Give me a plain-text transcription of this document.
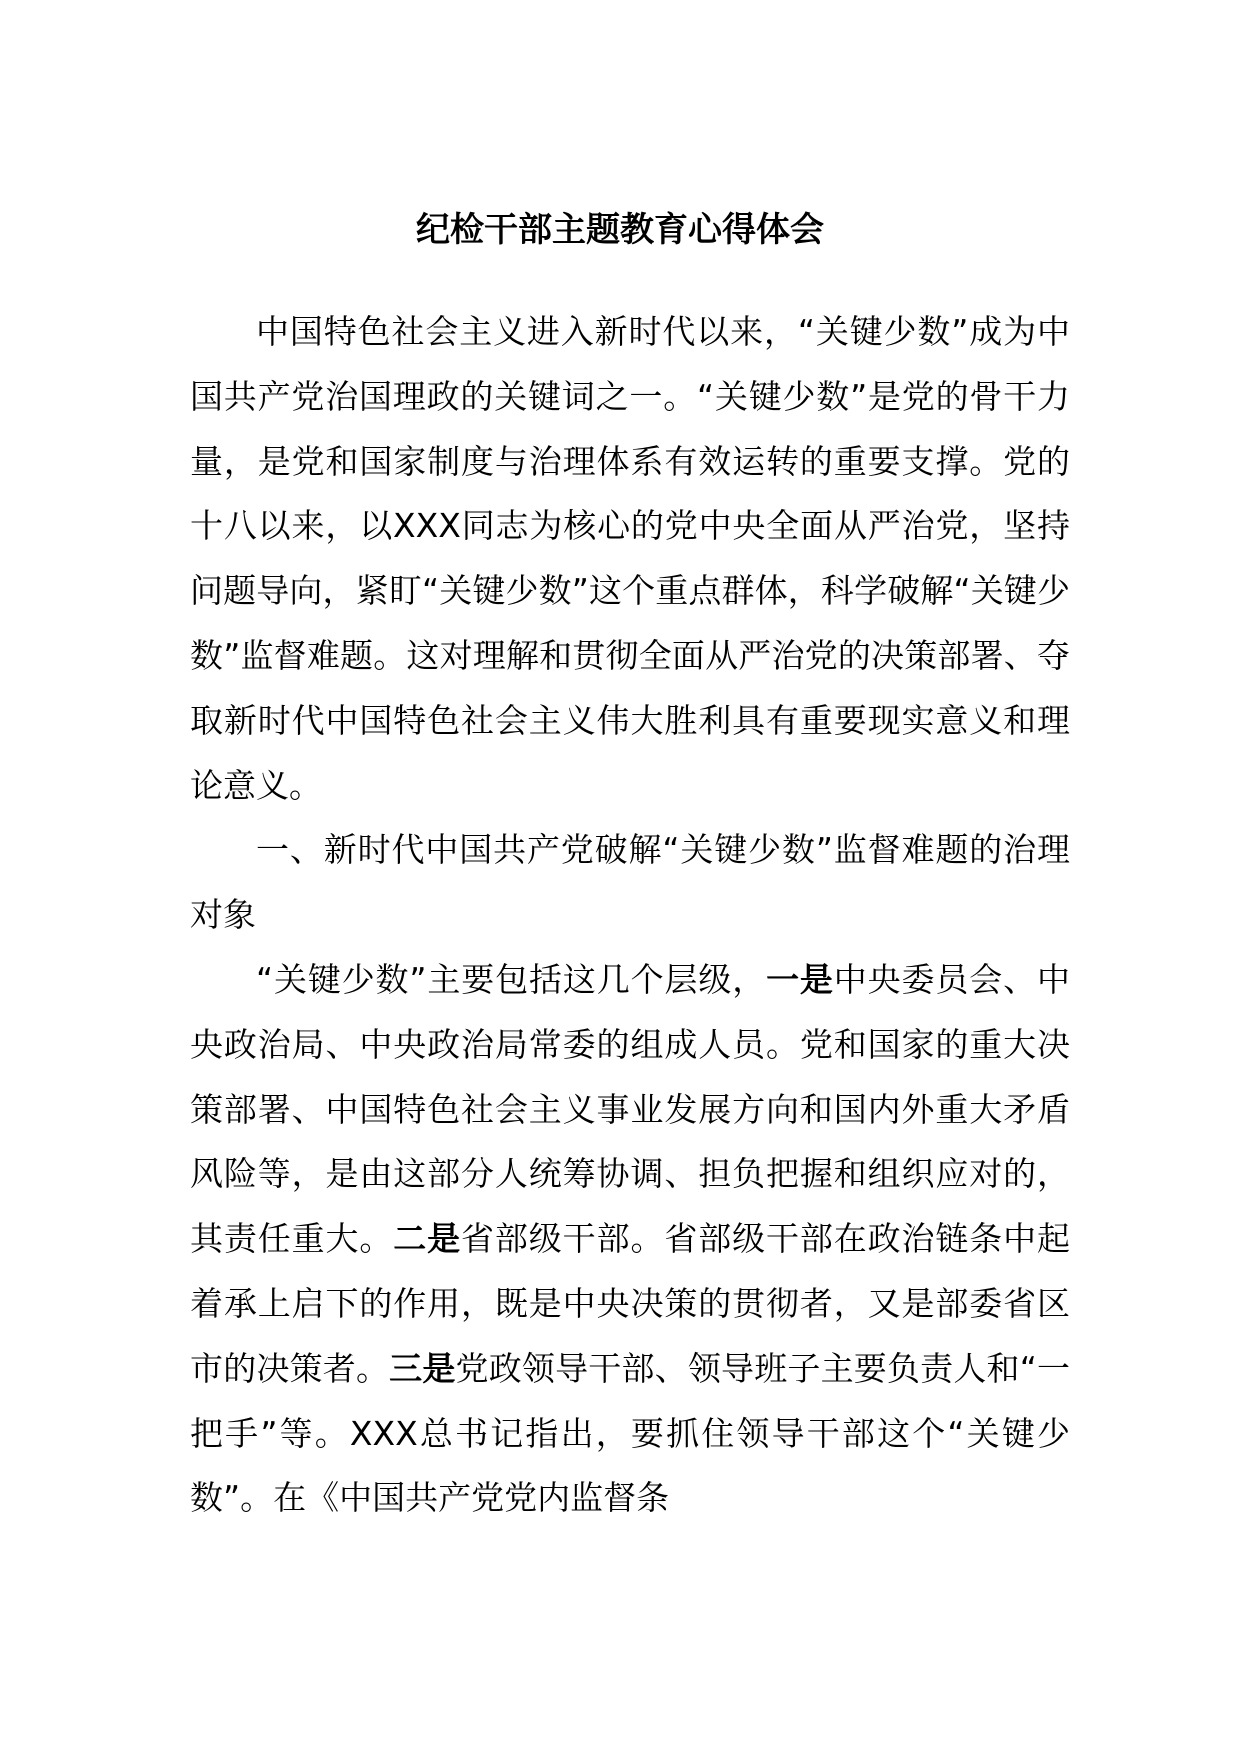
纪检干部主题教育心得体会

中国特色社会主义进入新时代以来，“关键少数”成为中国共产党治国理政的关键词之一。“关键少数”是党的骨干力量，是党和国家制度与治理体系有效运转的重要支撑。党的十八以来，以XXX同志为核心的党中央全面从严治党，坚持问题导向，紧盯“关键少数”这个重点群体，科学破解“关键少数”监督难题。这对理解和贯彻全面从严治党的决策部署、夺取新时代中国特色社会主义伟大胜利具有重要现实意义和理论意义。

一、新时代中国共产党破解“关键少数”监督难题的治理对象

“关键少数”主要包括这几个层级，一是中央委员会、中央政治局、中央政治局常委的组成人员。党和国家的重大决策部署、中国特色社会主义事业发展方向和国内外重大矛盾风险等，是由这部分人统筹协调、担负把握和组织应对的，其责任重大。二是省部级干部。省部级干部在政治链条中起着承上启下的作用，既是中央决策的贯彻者，又是部委省区市的决策者。三是党政领导干部、领导班子主要负责人和“一把手”等。XXX总书记指出，要抓住领导干部这个“关键少数”。在《中国共产党党内监督条
